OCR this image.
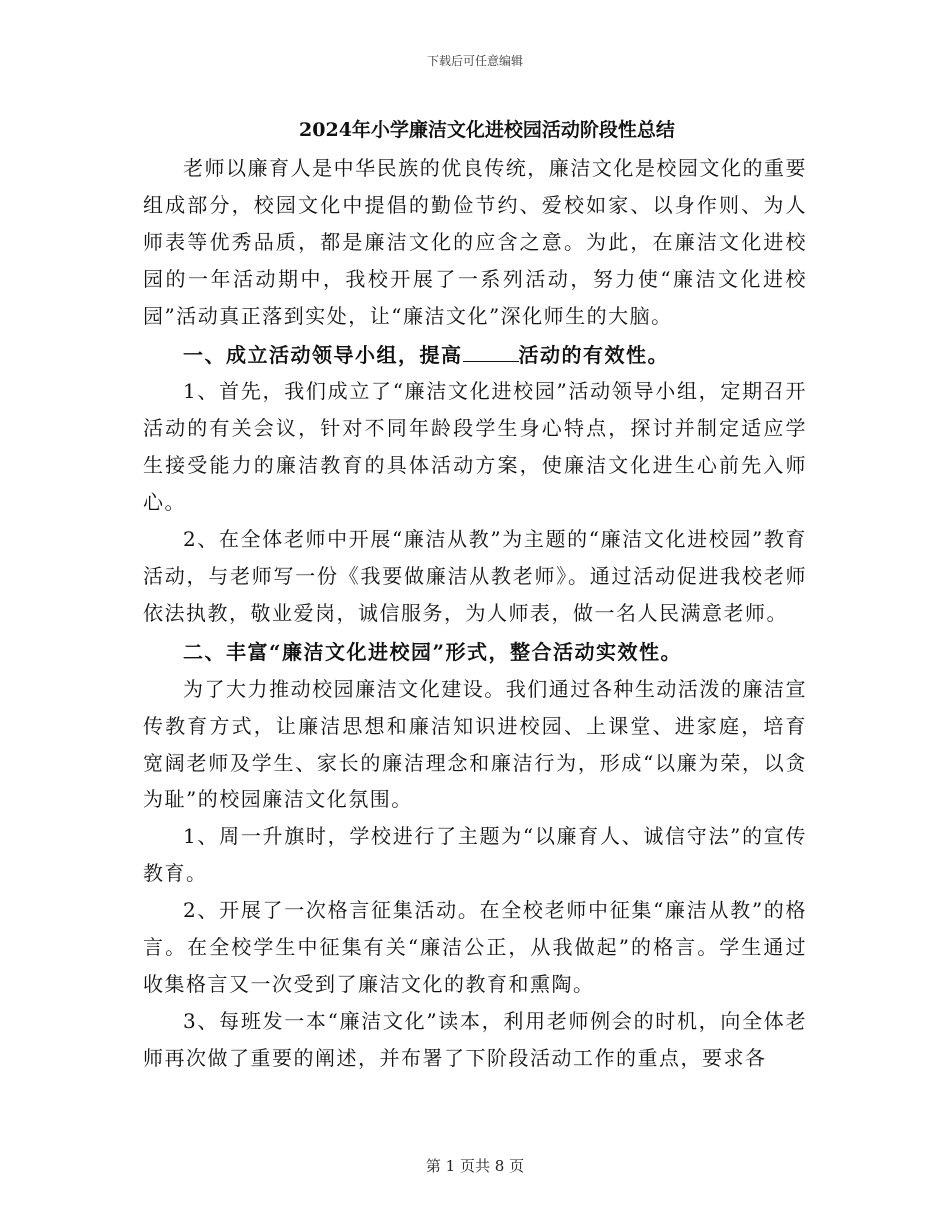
下载后可任意编辑
2024年小学廉洁文化进校园活动阶段性总结

老师以廉育人是中华民族的优良传统，廉洁文化是校园文化的重要组成部分，校园文化中提倡的勤俭节约、爱校如家、以身作则、为人师表等优秀品质，都是廉洁文化的应含之意。为此，在廉洁文化进校园的一年活动期中，我校开展了一系列活动，努力使“廉洁文化进校园”活动真正落到实处，让“廉洁文化”深化师生的大脑。

一、成立活动领导小组，提高	活动的有效性。

1、首先，我们成立了“廉洁文化进校园”活动领导小组，定期召开活动的有关会议，针对不同年龄段学生身心特点，探讨并制定适应学生接受能力的廉洁教育的具体活动方案，使廉洁文化进生心前先入师心。

2、在全体老师中开展“廉洁从教”为主题的“廉洁文化进校园”教育活动，与老师写一份《我要做廉洁从教老师》。通过活动促进我校老师依法执教，敬业爱岗，诚信服务，为人师表，做一名人民满意老师。

二、丰富“廉洁文化进校园”形式，整合活动实效性。

为了大力推动校园廉洁文化建设。我们通过各种生动活泼的廉洁宣传教育方式，让廉洁思想和廉洁知识进校园、上课堂、进家庭，培育宽阔老师及学生、家长的廉洁理念和廉洁行为，形成“以廉为荣，以贪为耻”的校园廉洁文化氛围。

1、周一升旗时，学校进行了主题为“以廉育人、诚信守法”的宣传教育。

2、开展了一次格言征集活动。在全校老师中征集“廉洁从教”的格言。在全校学生中征集有关“廉洁公正，从我做起”的格言。学生通过收集格言又一次受到了廉洁文化的教育和熏陶。

3、每班发一本“廉洁文化”读本，利用老师例会的时机，向全体老师再次做了重要的阐述，并布署了下阶段活动工作的重点，要求各

第 1 页共 8 页
